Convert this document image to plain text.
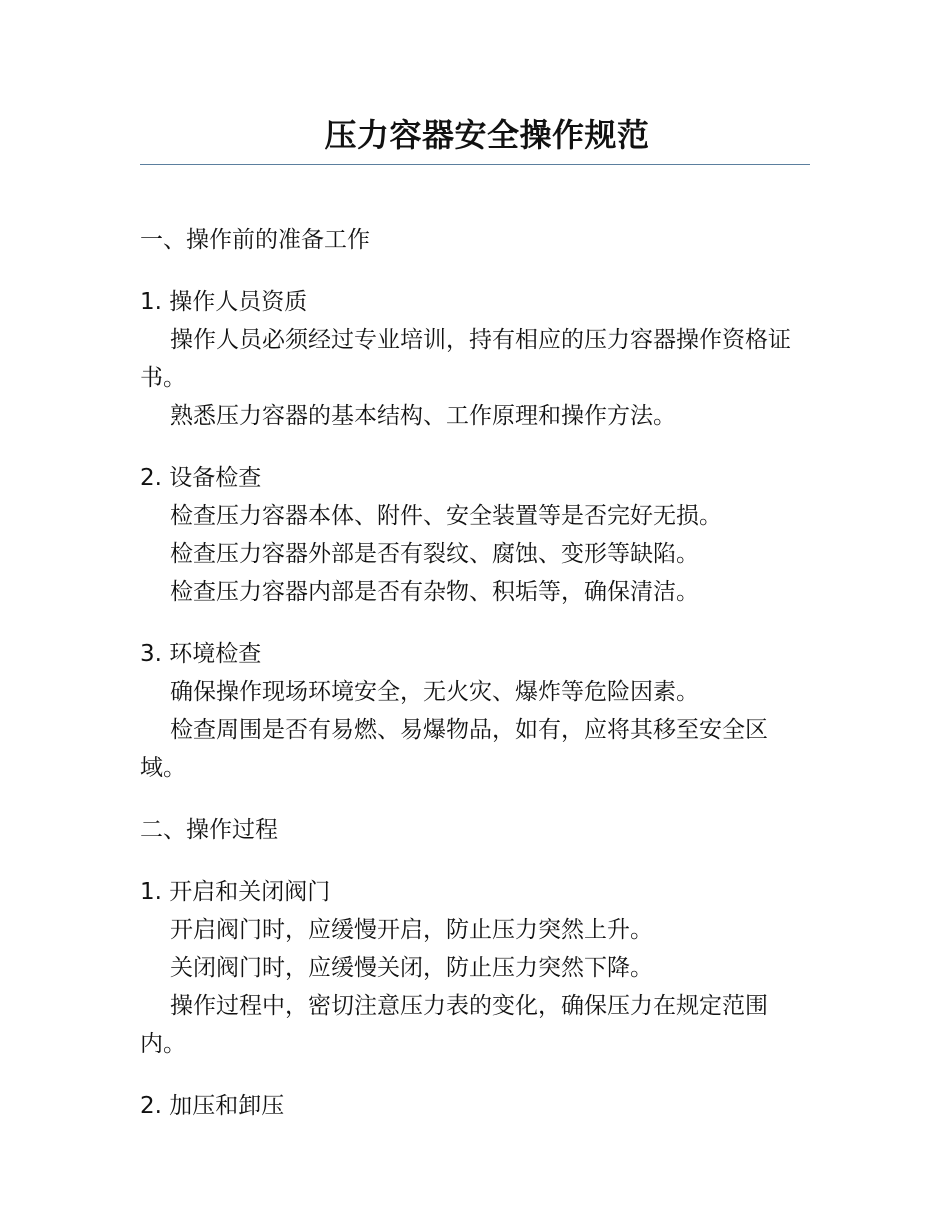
压力容器安全操作规范
一、操作前的准备工作
1. 操作人员资质

操作人员必须经过专业培训，持有相应的压力容器操作资格证书。

熟悉压力容器的基本结构、工作原理和操作方法。

2. 设备检查

检查压力容器本体、附件、安全装置等是否完好无损。

检查压力容器外部是否有裂纹、腐蚀、变形等缺陷。

检查压力容器内部是否有杂物、积垢等，确保清洁。

3. 环境检查

确保操作现场环境安全，无火灾、爆炸等危险因素。

检查周围是否有易燃、易爆物品，如有，应将其移至安全区域。

二、操作过程
1. 开启和关闭阀门

开启阀门时，应缓慢开启，防止压力突然上升。

关闭阀门时，应缓慢关闭，防止压力突然下降。

操作过程中，密切注意压力表的变化，确保压力在规定范围内。

2. 加压和卸压
